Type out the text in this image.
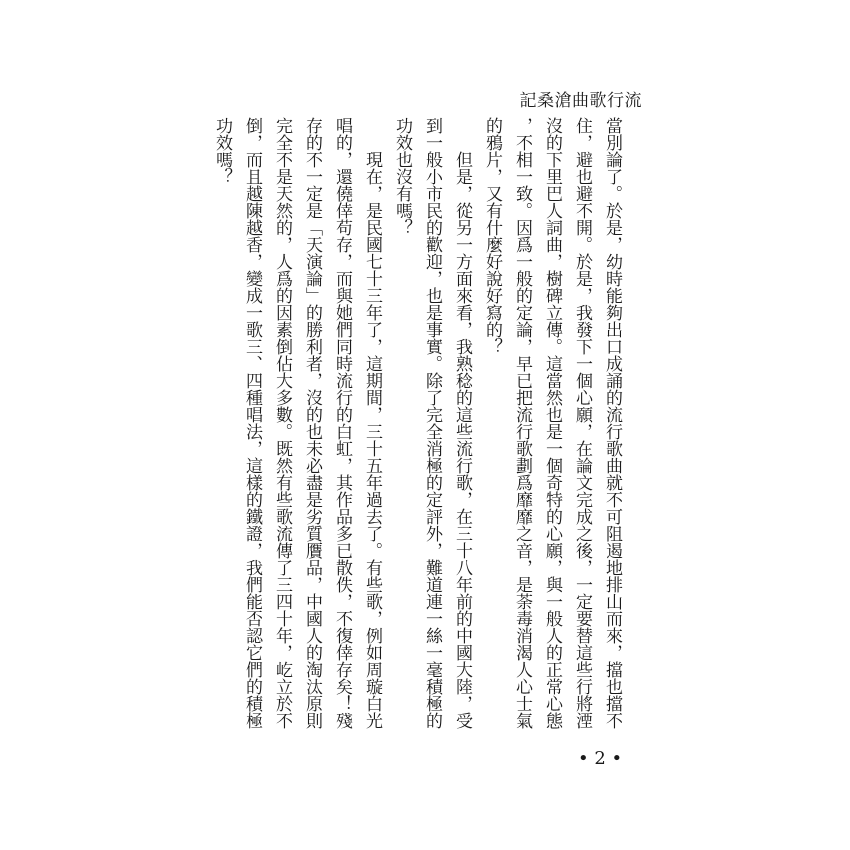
記桑滄曲歌行流
當別論了。於是，幼時能夠出口成誦的流行歌曲就不可阻遏地排山而來，擋也擋不
住，避也避不開。於是，我發下一個心願，在論文完成之後，一定要替這些行將湮
沒的下里巴人詞曲，樹碑立傳。這當然也是一個奇特的心願，與一般人的正常心態
，不相一致。因爲一般的定論，早已把流行歌劃爲靡靡之音，是荼毒消渴人心士氣
的鴉片，又有什麼好說好寫的？
　　但是，從另一方面來看，我熟稔的這些流行歌，在三十八年前的中國大陸，受
到一般小市民的歡迎，也是事實。除了完全消極的定評外，難道連一絲一毫積極的
功效也沒有嗎？
　　現在，是民國七十三年了，這期間，三十五年過去了。有些歌，例如周璇白光
唱的，還僥倖苟存，而與她們同時流行的白虹，其作品多已散佚，不復倖存矣！殘
存的不一定是「天演論」的勝利者，沒的也未必盡是劣質贋品，中國人的淘汰原則
完全不是天然的，人爲的因素倒佔大多數。既然有些歌流傳了三四十年，屹立於不
倒，而且越陳越香，變成一歌三、四種唱法，這樣的鐵證，我們能否認它們的積極
功效嗎？
• 2 •
